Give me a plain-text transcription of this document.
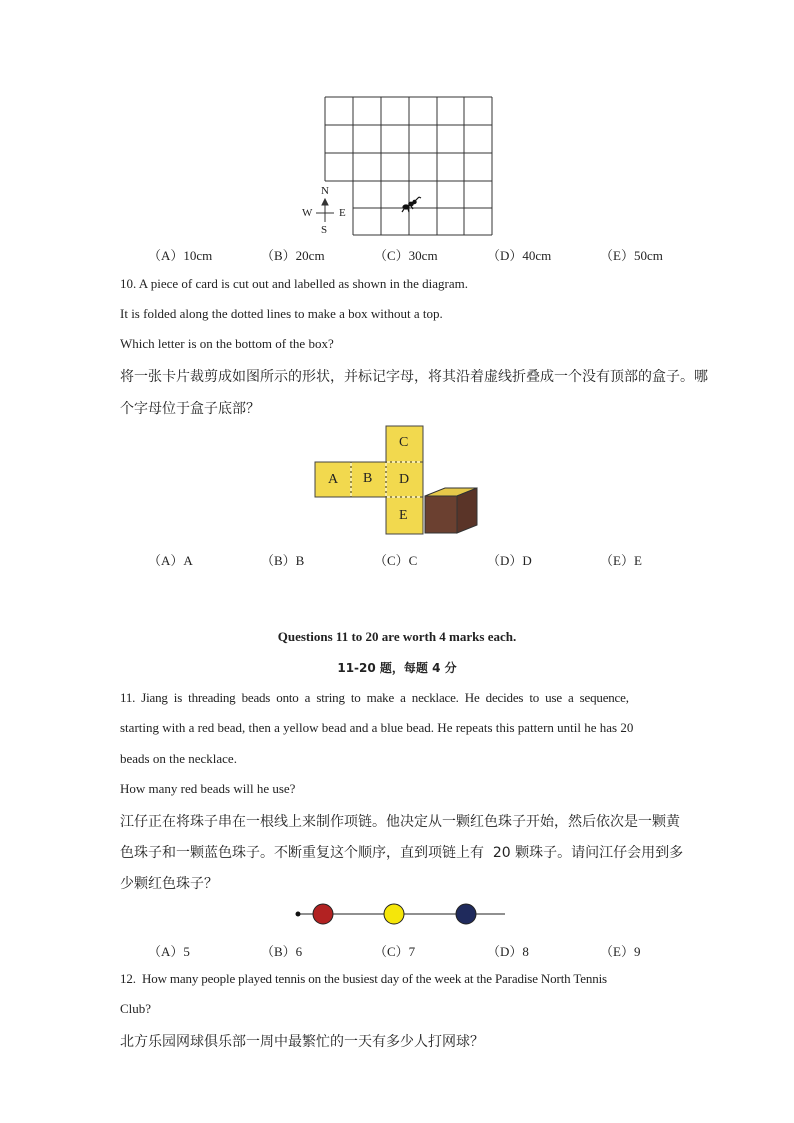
N
S
W E
（A）10cm	（B）20cm	（C）30cm	（D）40cm	（E）50cm
10. A piece of card is cut out and labelled as shown in the diagram.
It is folded along the dotted lines to make a box without a top.
Which letter is on the bottom of the box?
将一张卡片裁剪成如图所示的形状，并标记字母，将其沿着虚线折叠成一个没有顶部的盒子。哪
个字母位于盒子底部？
A B
C
D
E
（A）A	（B）B	（C）C	（D）D	（E）E
Questions 11 to 20 are worth 4 marks each.
11-20 题，每题 4 分
11.  Jiang  is  threading  beads  onto  a  string  to  make  a  necklace.  He  decides  to  use  a  sequence,
starting with a red bead, then a yellow bead and a blue bead. He repeats this pattern until he has 20
beads on the necklace.
How many red beads will he use?
江仔正在将珠子串在一根线上来制作项链。他决定从一颗红色珠子开始，然后依次是一颗黄
色珠子和一颗蓝色珠子。不断重复这个顺序，直到项链上有  20 颗珠子。请问江仔会用到多
少颗红色珠子？
（A）5	（B）6	（C）7	（D）8	（E）9
12.  How many people played tennis on the busiest day of the week at the Paradise North Tennis
Club?
北方乐园网球俱乐部一周中最繁忙的一天有多少人打网球？
